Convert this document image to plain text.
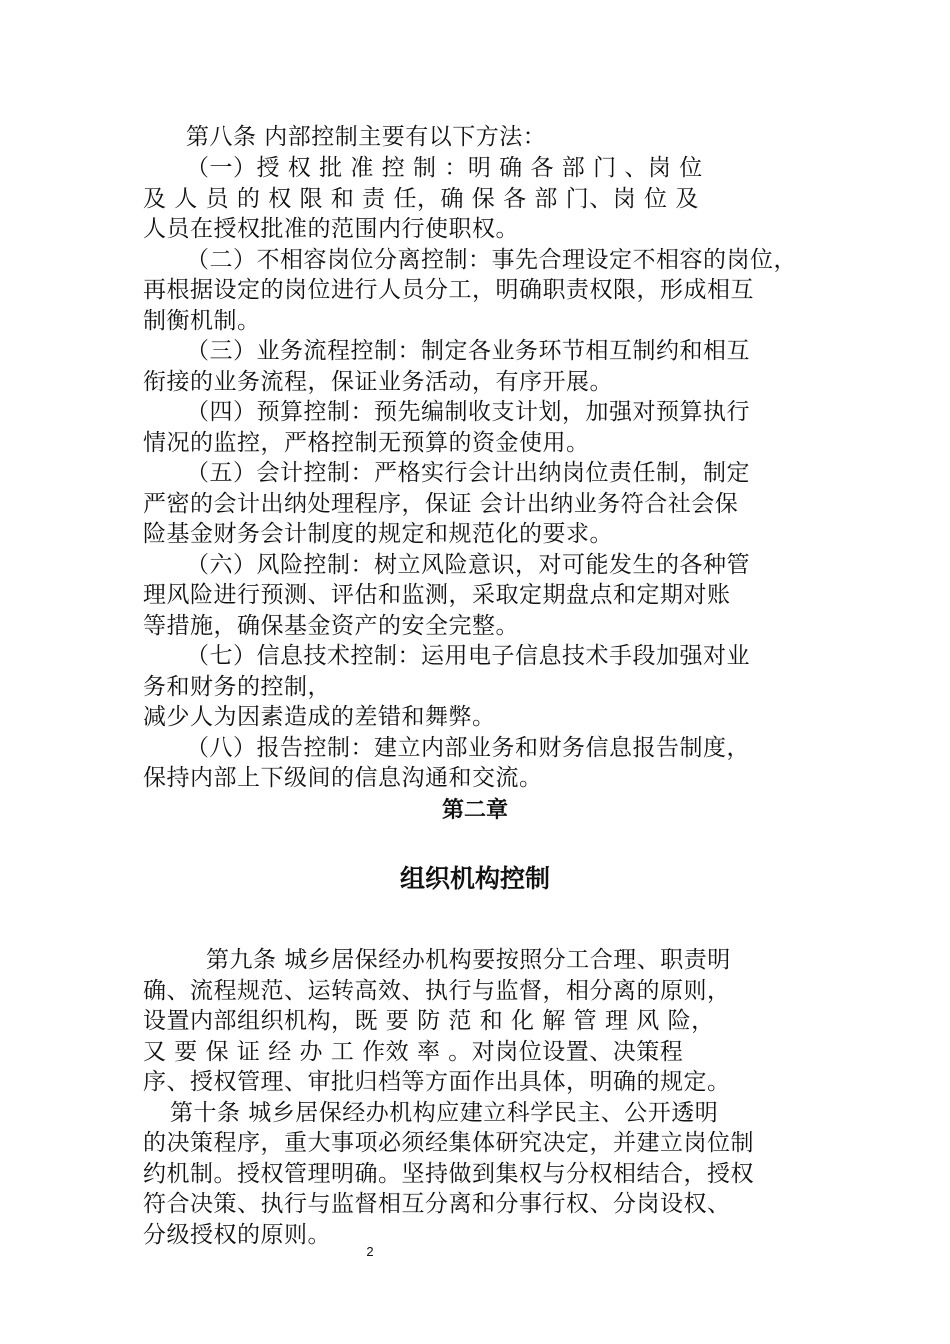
第八条 内部控制主要有以下方法：
（一）授 权 批 准 控 制 ：明 确 各 部 门 、岗 位
及 人 员 的 权 限 和 责 任，确 保 各 部 门、岗 位 及
人员在授权批准的范围内行使职权。
（二）不相容岗位分离控制：事先合理设定不相容的岗位，
再根据设定的岗位进行人员分工，明确职责权限，形成相互
制衡机制。
（三）业务流程控制：制定各业务环节相互制约和相互
衔接的业务流程，保证业务活动，有序开展。
（四）预算控制：预先编制收支计划，加强对预算执行
情况的监控，严格控制无预算的资金使用。
（五）会计控制：严格实行会计出纳岗位责任制，制定
严密的会计出纳处理程序，保证 会计出纳业务符合社会保
险基金财务会计制度的规定和规范化的要求。
（六）风险控制：树立风险意识，对可能发生的各种管
理风险进行预测、评估和监测，采取定期盘点和定期对账
等措施，确保基金资产的安全完整。
（七）信息技术控制：运用电子信息技术手段加强对业
务和财务的控制，
减少人为因素造成的差错和舞弊。
（八）报告控制：建立内部业务和财务信息报告制度，
保持内部上下级间的信息沟通和交流。
第二章
组织机构控制
第九条 城乡居保经办机构要按照分工合理、职责明
确、流程规范、运转高效、执行与监督，相分离的原则，
设置内部组织机构，既 要 防 范 和 化 解 管 理 风 险，
又 要 保 证 经 办 工 作效 率 。对岗位设置、决策程
序、授权管理、审批归档等方面作出具体，明确的规定。
第十条 城乡居保经办机构应建立科学民主、公开透明
的决策程序，重大事项必须经集体研究决定，并建立岗位制
约机制。授权管理明确。坚持做到集权与分权相结合，授权
符合决策、执行与监督相互分离和分事行权、分岗设权、
分级授权的原则。
2
